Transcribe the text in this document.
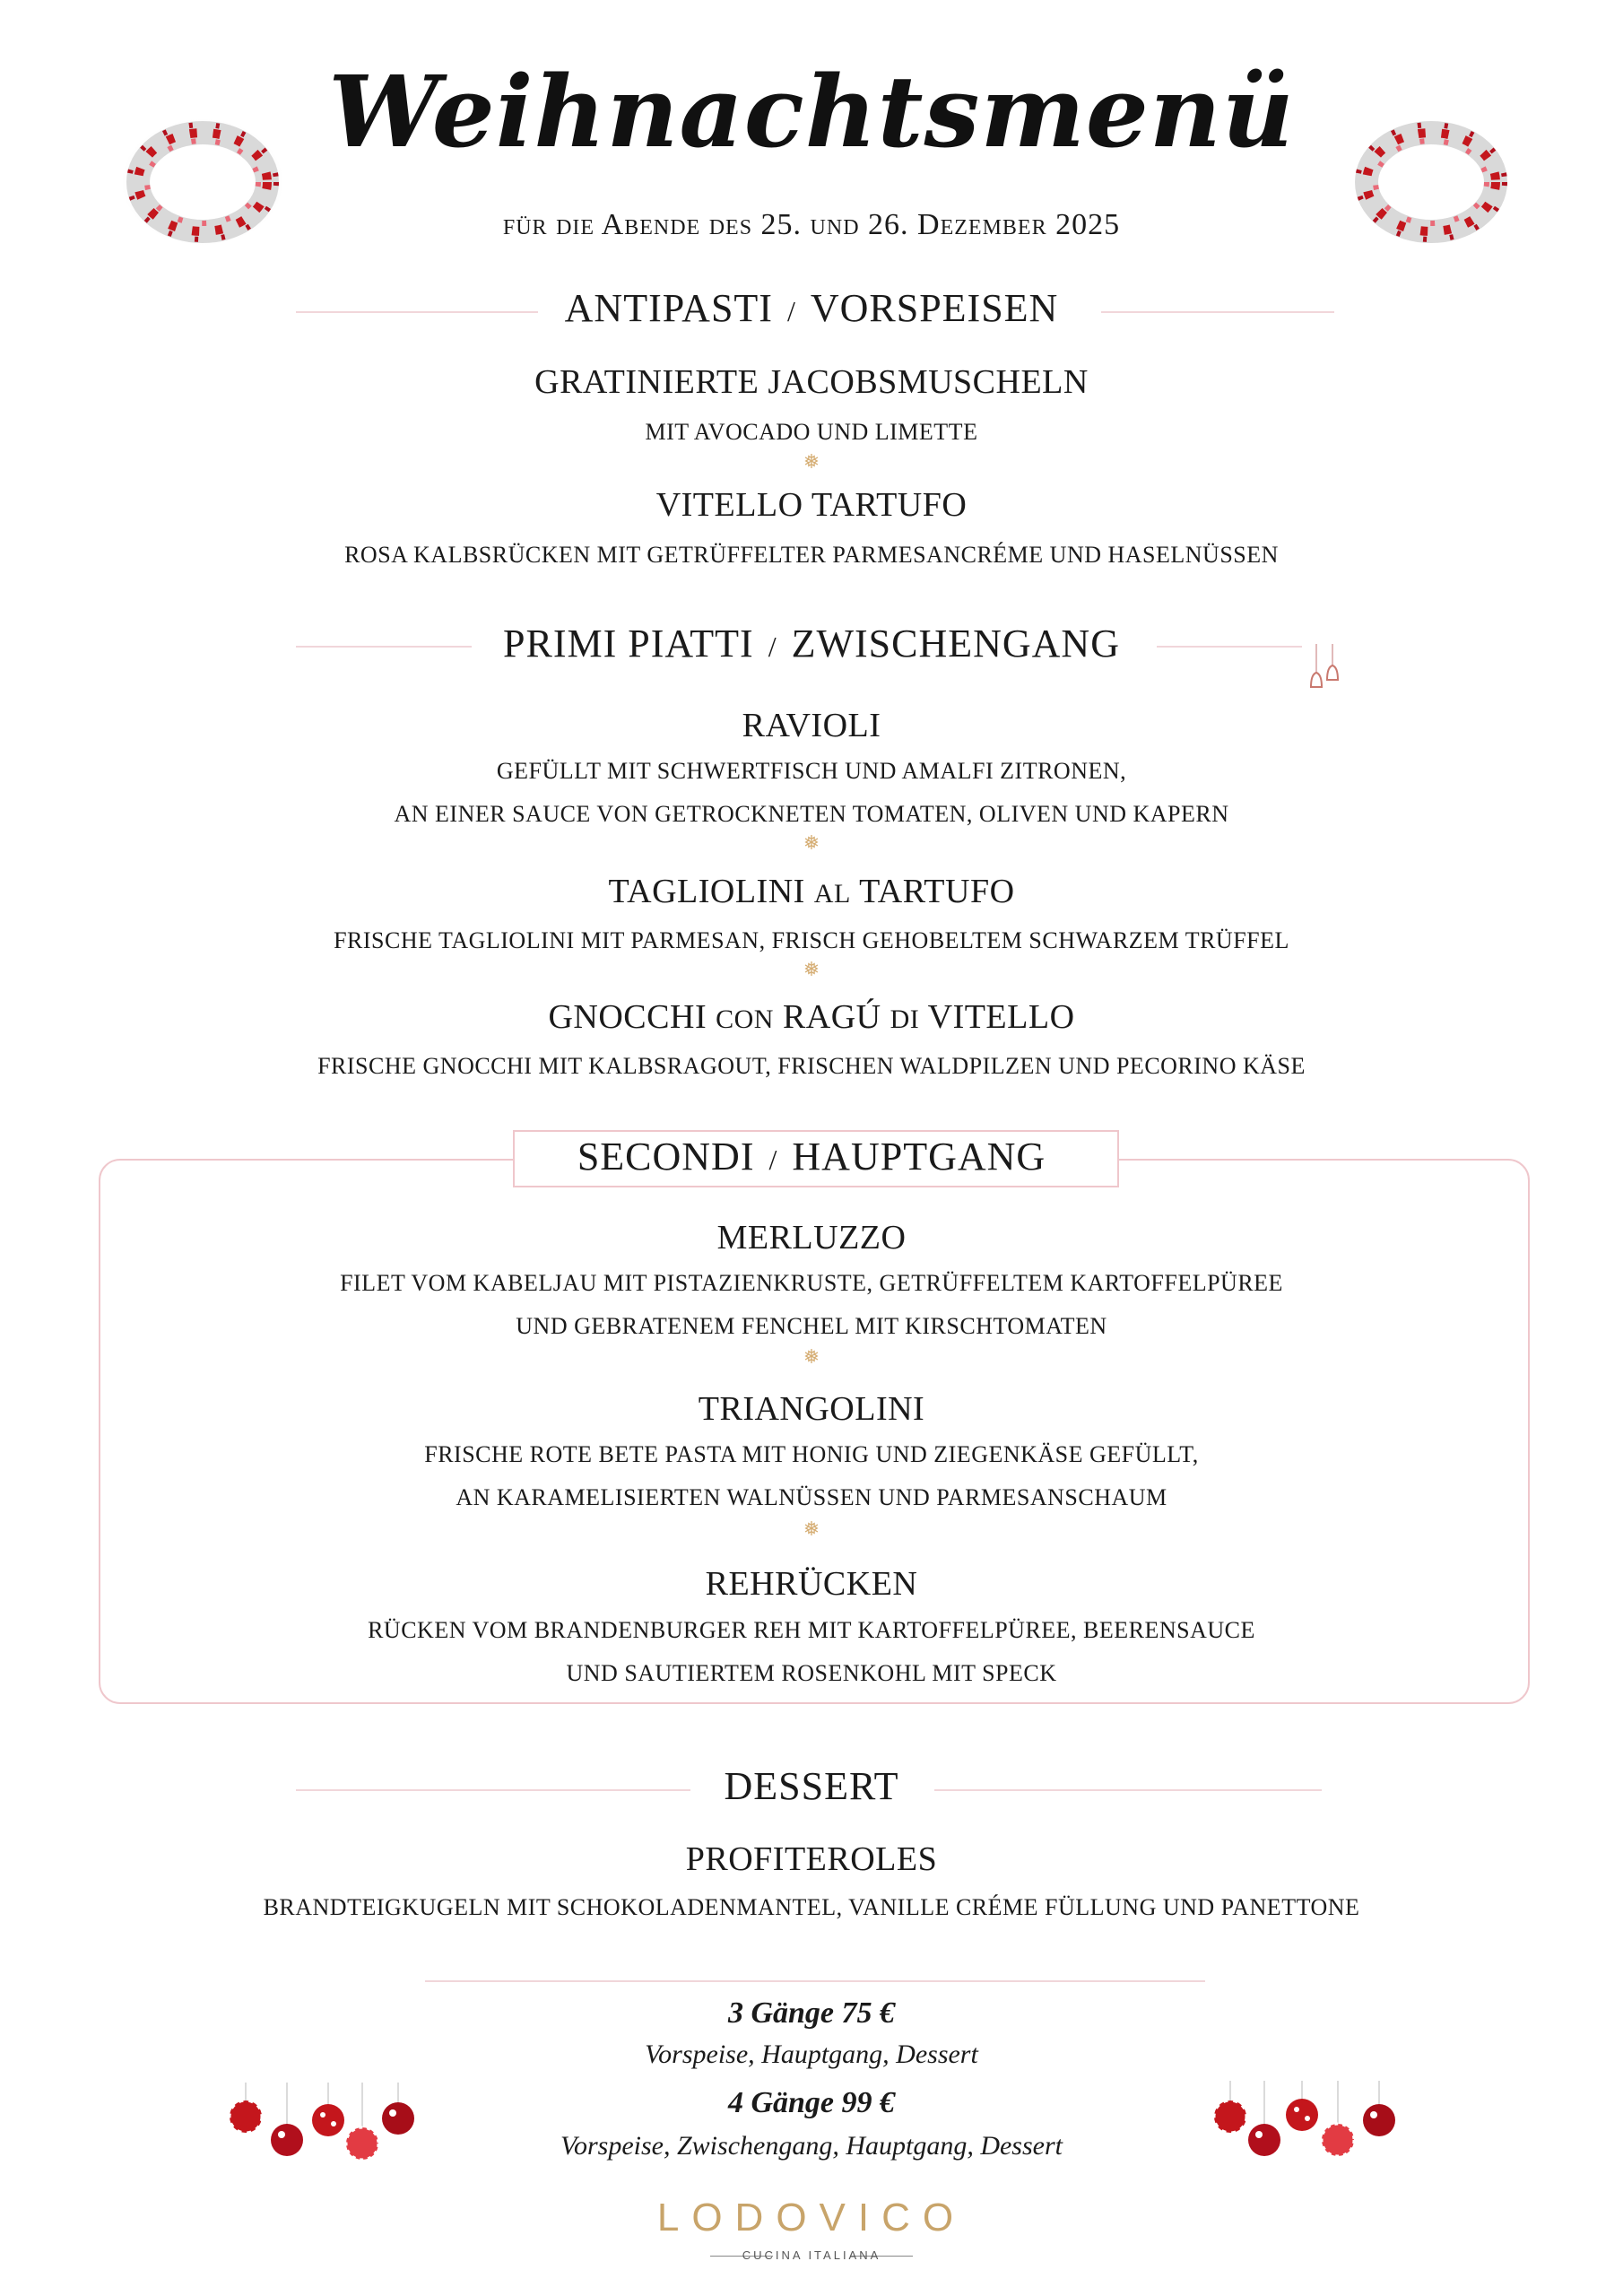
Weihnachtsmenü
für die Abende des 25. und 26. Dezember 2025
ANTIPASTI / VORSPEISEN
GRATINIERTE JACOBSMUSCHELN
MIT AVOCADO UND LIMETTE
❅
VITELLO TARTUFO
ROSA KALBSRÜCKEN MIT GETRÜFFELTER PARMESANCRÉME UND HASELNÜSSEN
PRIMI PIATTI / ZWISCHENGANG
RAVIOLI
GEFÜLLT MIT SCHWERTFISCH UND AMALFI ZITRONEN,
AN EINER SAUCE VON GETROCKNETEN TOMATEN, OLIVEN UND KAPERN
❅
TAGLIOLINI AL TARTUFO
FRISCHE TAGLIOLINI MIT PARMESAN, FRISCH GEHOBELTEM SCHWARZEM TRÜFFEL
❅
GNOCCHI CON RAGÚ DI VITELLO
FRISCHE GNOCCHI MIT KALBSRAGOUT, FRISCHEN WALDPILZEN UND PECORINO KÄSE
SECONDI / HAUPTGANG
MERLUZZO
FILET VOM KABELJAU MIT PISTAZIENKRUSTE, GETRÜFFELTEM KARTOFFELPÜREE
UND GEBRATENEM FENCHEL MIT KIRSCHTOMATEN
❅
TRIANGOLINI
FRISCHE ROTE BETE PASTA MIT HONIG UND ZIEGENKÄSE GEFÜLLT,
AN KARAMELISIERTEN WALNÜSSEN UND PARMESANSCHAUM
❅
REHRÜCKEN
RÜCKEN VOM BRANDENBURGER REH MIT KARTOFFELPÜREE, BEERENSAUCE
UND SAUTIERTEM ROSENKOHL MIT SPECK
DESSERT
PROFITEROLES
BRANDTEIGKUGELN MIT SCHOKOLADENMANTEL, VANILLE CRÉME FÜLLUNG UND PANETTONE
3 Gänge 75 €
Vorspeise, Hauptgang, Dessert
4 Gänge 99 €
Vorspeise, Zwischengang, Hauptgang, Dessert
LODOVICO
CUCINA ITALIANA
